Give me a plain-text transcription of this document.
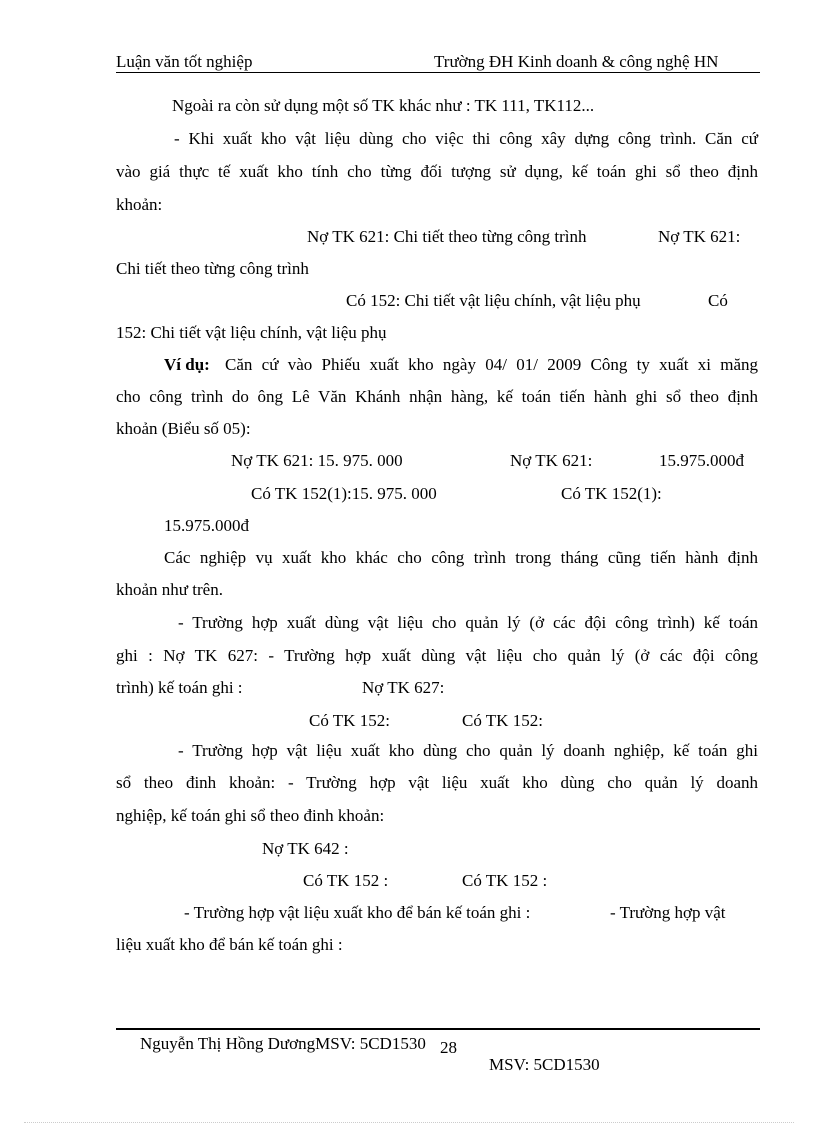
Luận văn tốt nghiệp	Trường ĐH Kinh doanh & công nghệ HN
Ngoài ra còn sử dụng một số TK khác như : TK 111, TK112...
- Khi xuất kho vật liệu dùng cho việc thi công xây dựng công trình. Căn cứ
vào giá thực tế xuất kho tính cho từng đối tượng sử dụng, kế toán ghi sổ theo định
khoản:
Nợ TK 621: Chi tiết theo từng công trình	Nợ TK 621:
Chi tiết theo từng công trình
Có 152: Chi tiết vật liệu chính, vật liệu phụ	Có
152: Chi tiết vật liệu chính, vật liệu phụ
Ví dụ: Căn cứ vào Phiếu xuất kho ngày 04/ 01/ 2009 Công ty xuất xi măng
cho công trình do ông Lê Văn Khánh nhận hàng, kế toán tiến hành ghi sổ theo định
khoản (Biểu số 05):
Nợ TK 621: 15. 975. 000	Nợ TK 621:	15.975.000đ
Có TK 152(1):15. 975. 000	Có TK 152(1):
15.975.000đ
Các nghiệp vụ xuất kho khác cho công trình trong tháng cũng tiến hành định
khoản như trên.
- Trường hợp xuất dùng vật liệu cho quản lý (ở các đội công trình) kế toán
ghi : Nợ TK 627: - Trường hợp xuất dùng vật liệu cho quản lý (ở các đội công
trình) kế toán ghi :	Nợ TK 627:
Có TK 152:	Có TK 152:
- Trường hợp vật liệu xuất kho dùng cho quản lý doanh nghiệp, kế toán ghi
sổ theo đinh khoản: - Trường hợp vật liệu xuất kho dùng cho quản lý doanh
nghiệp, kế toán ghi sổ theo đinh khoản:
Nợ TK 642 :
Có TK 152 :	Có TK 152 :
- Trường hợp vật liệu xuất kho để bán kế toán ghi :	- Trường hợp vật
liệu xuất kho để bán kế toán ghi :
Nguyễn Thị Hồng DươngMSV: 5CD1530 28
MSV: 5CD1530
